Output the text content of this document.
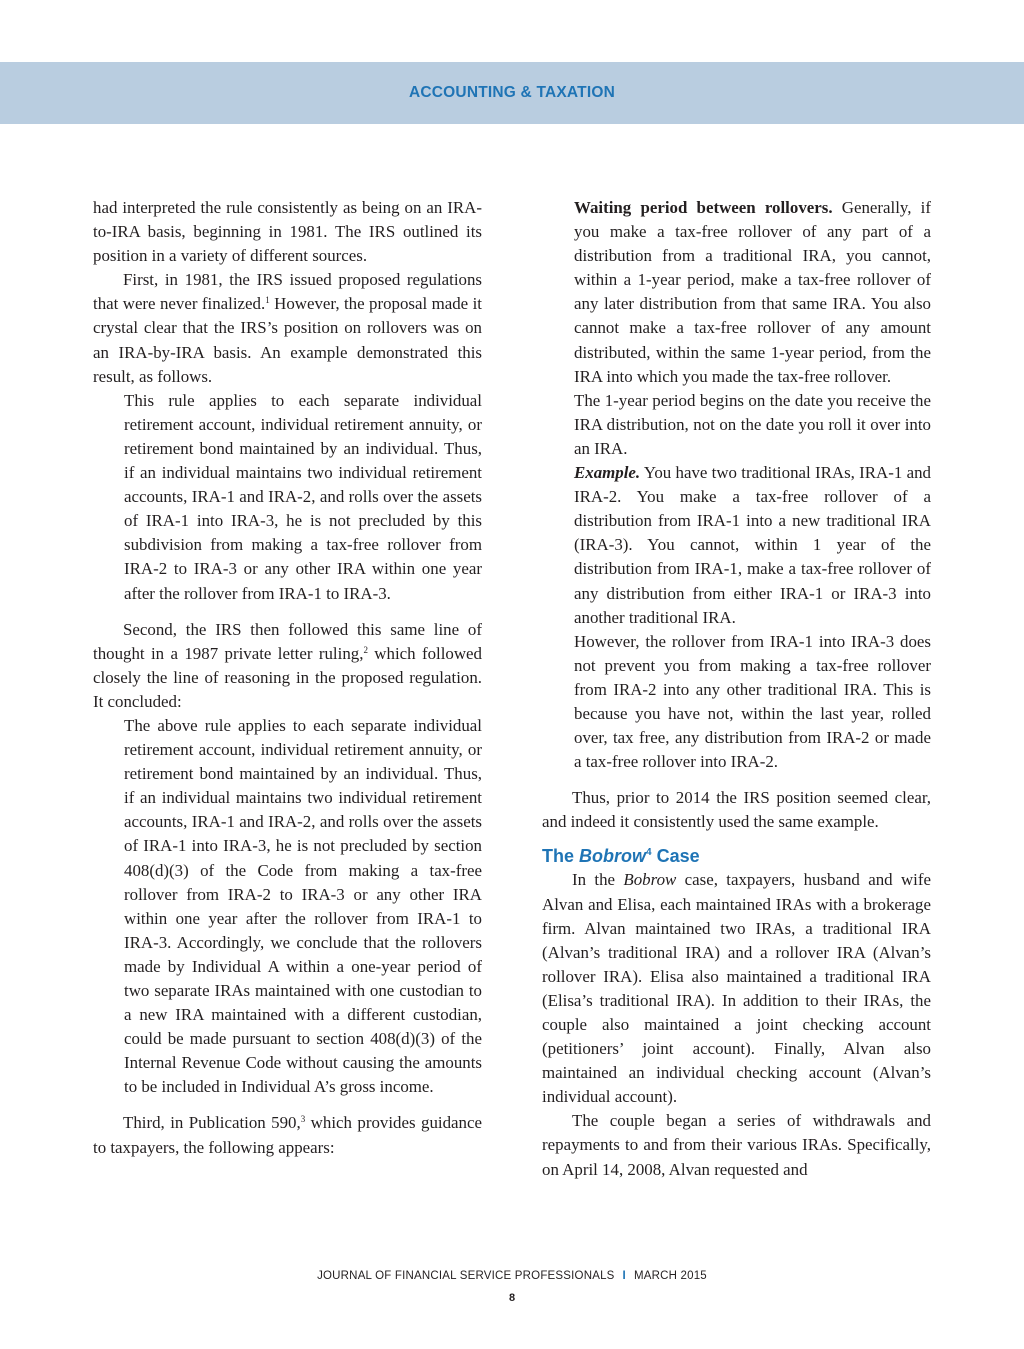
ACCOUNTING & TAXATION

had interpreted the rule consistently as being on an IRA-to-IRA basis, beginning in 1981. The IRS outlined its position in a variety of different sources.

First, in 1981, the IRS issued proposed regulations that were never finalized.$^1$ However, the proposal made it crystal clear that the IRS’s position on rollovers was on an IRA-by-IRA basis. An example demonstrated this result, as follows.

This rule applies to each separate individual retirement account, individual retirement annuity, or retirement bond maintained by an individual. Thus, if an individual maintains two individual retirement accounts, IRA-1 and IRA-2, and rolls over the assets of IRA-1 into IRA-3, he is not precluded by this subdivision from making a tax-free rollover from IRA-2 to IRA-3 or any other IRA within one year after the rollover from IRA-1 to IRA-3.

Second, the IRS then followed this same line of thought in a 1987 private letter ruling,$^2$ which followed closely the line of reasoning in the proposed regulation. It concluded:

The above rule applies to each separate individual retirement account, individual retirement annuity, or retirement bond maintained by an individual. Thus, if an individual maintains two individual retirement accounts, IRA-1 and IRA-2, and rolls over the assets of IRA-1 into IRA-3, he is not precluded by section 408(d)(3) of the Code from making a tax-free rollover from IRA-2 to IRA-3 or any other IRA within one year after the rollover from IRA-1 to IRA-3. Accordingly, we conclude that the rollovers made by Individual A within a one-year period of two separate IRAs maintained with one custodian to a new IRA maintained with a different custodian, could be made pursuant to section 408(d)(3) of the Internal Revenue Code without causing the amounts to be included in Individual A’s gross income.

Third, in Publication 590,$^3$ which provides guidance to taxpayers, the following appears:

Waiting period between rollovers. Generally, if you make a tax-free rollover of any part of a distribution from a traditional IRA, you cannot, within a 1-year period, make a tax-free rollover of any later distribution from that same IRA. You also cannot make a tax-free rollover of any amount distributed, within the same 1-year period, from the IRA into which you made the tax-free rollover.

The 1-year period begins on the date you receive the IRA distribution, not on the date you roll it over into an IRA.

Example. You have two traditional IRAs, IRA-1 and IRA-2. You make a tax-free rollover of a distribution from IRA-1 into a new traditional IRA (IRA-3). You cannot, within 1 year of the distribution from IRA-1, make a tax-free rollover of any distribution from either IRA-1 or IRA-3 into another traditional IRA.

However, the rollover from IRA-1 into IRA-3 does not prevent you from making a tax-free rollover from IRA-2 into any other traditional IRA. This is because you have not, within the last year, rolled over, tax free, any distribution from IRA-2 or made a tax-free rollover into IRA-2.

Thus, prior to 2014 the IRS position seemed clear, and indeed it consistently used the same example.

The Bobrow$^4$ Case

In the Bobrow case, taxpayers, husband and wife Alvan and Elisa, each maintained IRAs with a brokerage firm. Alvan maintained two IRAs, a traditional IRA (Alvan’s traditional IRA) and a rollover IRA (Alvan’s rollover IRA). Elisa also maintained a traditional IRA (Elisa’s traditional IRA). In addition to their IRAs, the couple also maintained a joint checking account (petitioners’ joint account). Finally, Alvan also maintained an individual checking account (Alvan’s individual account).

The couple began a series of withdrawals and repayments to and from their various IRAs. Specifically, on April 14, 2008, Alvan requested and

JOURNAL OF FINANCIAL SERVICE PROFESSIONALS I MARCH 2015
8
